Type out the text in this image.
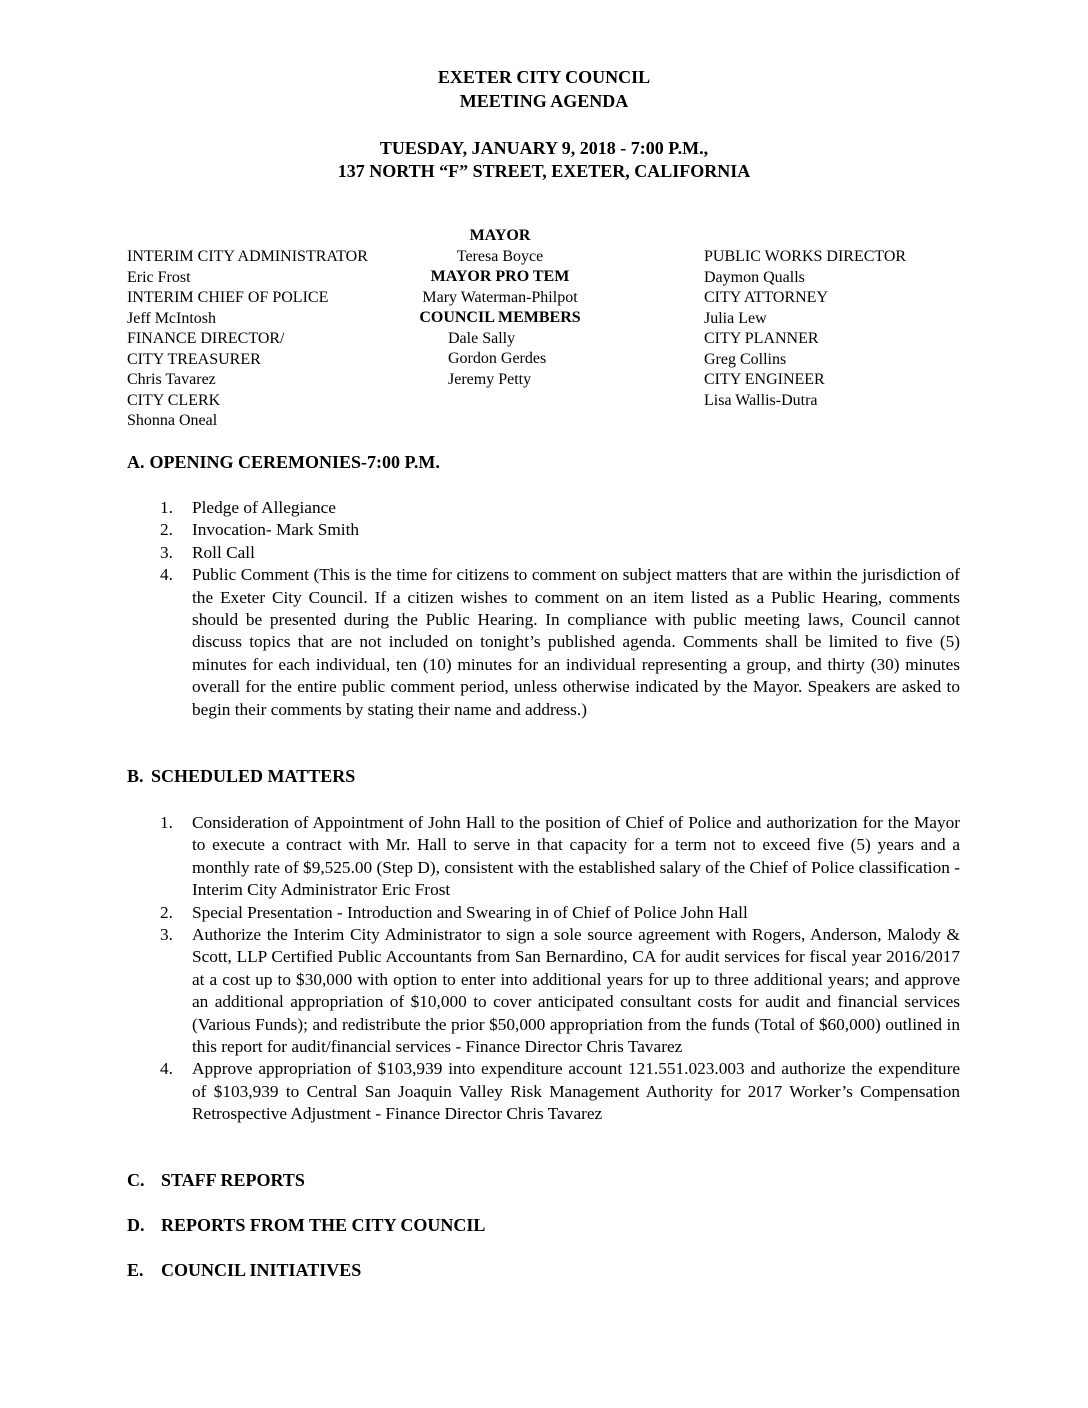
EXETER CITY COUNCIL
MEETING AGENDA
TUESDAY, JANUARY 9, 2018 - 7:00 P.M.,
137 NORTH “F” STREET, EXETER, CALIFORNIA
INTERIM CITY ADMINISTRATOR
Eric Frost
INTERIM CHIEF OF POLICE
Jeff McIntosh
FINANCE DIRECTOR/
CITY TREASURER
Chris Tavarez
CITY CLERK
Shonna Oneal
MAYOR
Teresa Boyce
MAYOR PRO TEM
Mary Waterman-Philpot
COUNCIL MEMBERS
Dale Sally
Gordon Gerdes
Jeremy Petty
PUBLIC WORKS DIRECTOR
Daymon Qualls
CITY ATTORNEY
Julia Lew
CITY PLANNER
Greg Collins
CITY ENGINEER
Lisa Wallis-Dutra
A. OPENING CEREMONIES-7:00 P.M.
1.	Pledge of Allegiance
2.	Invocation- Mark Smith
3.	Roll Call
4.	Public Comment (This is the time for citizens to comment on subject matters that are within the jurisdiction of the Exeter City Council. If a citizen wishes to comment on an item listed as a Public Hearing, comments should be presented during the Public Hearing. In compliance with public meeting laws, Council cannot discuss topics that are not included on tonight’s published agenda. Comments shall be limited to five (5) minutes for each individual, ten (10) minutes for an individual representing a group, and thirty (30) minutes overall for the entire public comment period, unless otherwise indicated by the Mayor. Speakers are asked to begin their comments by stating their name and address.)
B. SCHEDULED MATTERS
1.	Consideration of Appointment of John Hall to the position of Chief of Police and authorization for the Mayor to execute a contract with Mr. Hall to serve in that capacity for a term not to exceed five (5) years and a monthly rate of $9,525.00 (Step D), consistent with the established salary of the Chief of Police classification - Interim City Administrator Eric Frost
2.	Special Presentation - Introduction and Swearing in of Chief of Police John Hall
3.	Authorize the Interim City Administrator to sign a sole source agreement with Rogers, Anderson, Malody & Scott, LLP Certified Public Accountants from San Bernardino, CA for audit services for fiscal year 2016/2017 at a cost up to $30,000 with option to enter into additional years for up to three additional years; and approve an additional appropriation of $10,000 to cover anticipated consultant costs for audit and financial services (Various Funds); and redistribute the prior $50,000 appropriation from the funds (Total of $60,000) outlined in this report for audit/financial services - Finance Director Chris Tavarez
4.	Approve appropriation of $103,939 into expenditure account 121.551.023.003 and authorize the expenditure of $103,939 to Central San Joaquin Valley Risk Management Authority for 2017 Worker’s Compensation Retrospective Adjustment - Finance Director Chris Tavarez
C. STAFF REPORTS
D. REPORTS FROM THE CITY COUNCIL
E. COUNCIL INITIATIVES
